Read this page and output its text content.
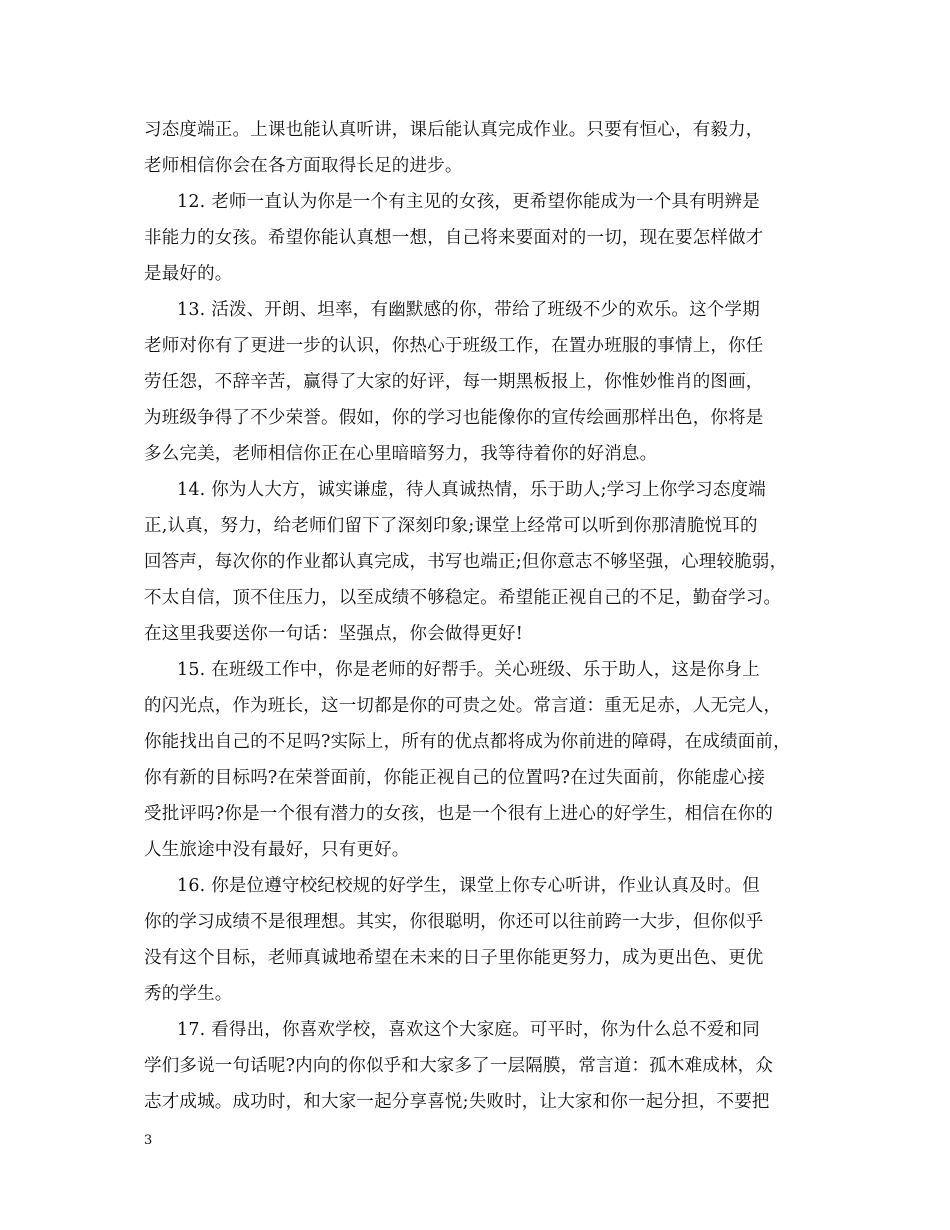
习态度端正。上课也能认真听讲，课后能认真完成作业。只要有恒心，有毅力，
老师相信你会在各方面取得长足的进步。
12. 老师一直认为你是一个有主见的女孩，更希望你能成为一个具有明辨是
非能力的女孩。希望你能认真想一想，自己将来要面对的一切，现在要怎样做才
是最好的。
13. 活泼、开朗、坦率，有幽默感的你，带给了班级不少的欢乐。这个学期
老师对你有了更进一步的认识，你热心于班级工作，在置办班服的事情上，你任
劳任怨，不辞辛苦，赢得了大家的好评，每一期黑板报上，你惟妙惟肖的图画，
为班级争得了不少荣誉。假如，你的学习也能像你的宣传绘画那样出色，你将是
多么完美，老师相信你正在心里暗暗努力，我等待着你的好消息。
14. 你为人大方，诚实谦虚，待人真诚热情，乐于助人;学习上你学习态度端
正,认真，努力，给老师们留下了深刻印象;课堂上经常可以听到你那清脆悦耳的
回答声，每次你的作业都认真完成，书写也端正;但你意志不够坚强，心理较脆弱，
不太自信，顶不住压力，以至成绩不够稳定。希望能正视自己的不足，勤奋学习。
在这里我要送你一句话：坚强点，你会做得更好!
15. 在班级工作中，你是老师的好帮手。关心班级、乐于助人，这是你身上
的闪光点，作为班长，这一切都是你的可贵之处。常言道：重无足赤，人无完人，
你能找出自己的不足吗?实际上，所有的优点都将成为你前进的障碍，在成绩面前，
你有新的目标吗?在荣誉面前，你能正视自己的位置吗?在过失面前，你能虚心接
受批评吗?你是一个很有潜力的女孩，也是一个很有上进心的好学生，相信在你的
人生旅途中没有最好，只有更好。
16. 你是位遵守校纪校规的好学生，课堂上你专心听讲，作业认真及时。但
你的学习成绩不是很理想。其实，你很聪明，你还可以往前跨一大步，但你似乎
没有这个目标，老师真诚地希望在未来的日子里你能更努力，成为更出色、更优
秀的学生。
17. 看得出，你喜欢学校，喜欢这个大家庭。可平时，你为什么总不爱和同
学们多说一句话呢?内向的你似乎和大家多了一层隔膜，常言道：孤木难成林，众
志才成城。成功时，和大家一起分享喜悦;失败时，让大家和你一起分担，不要把
3
